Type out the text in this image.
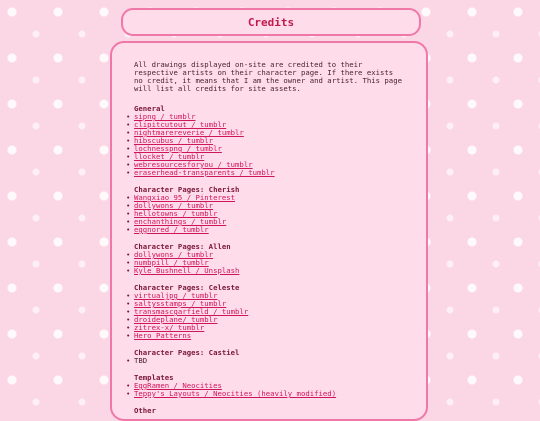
Credits

All drawings displayed on-site are credited to their respective artists on their character page. If there exists no credit, it means that I am the owner and artist. This page will list all credits for site assets.

General
• sipng / tumblr
• clipitcutout / tumblr
• nightmarereverie / tumblr
• hibscubus / tumblr
• lochnesspng / tumblr
• llocket / tumblr
• webresourcesforyou / tumblr
• eraserhead-transparents / tumblr
Character Pages: Cherish
• Wangxiao 95 / Pinterest
• dollywons / tumblr
• hellotowns / tumblr
• enchanthings / tumblr
• eggnored / tumblr
Character Pages: Allen
• dollywons / tumblr
• numbpill / tumblr
• Kyle Bushnell / Unsplash
Character Pages: Celeste
• virtualjpg / tumblr
• saltysstamps / tumblr
• transmascgarfield / tumblr
• droideplane/ tumblr
• zitrex-x/ tumblr
• Hero Patterns
Character Pages: Castiel
• TBD
Templates
• EggRamen / Neocities
• Teppy's Layouts / Neocities (heavily modified)
Other
